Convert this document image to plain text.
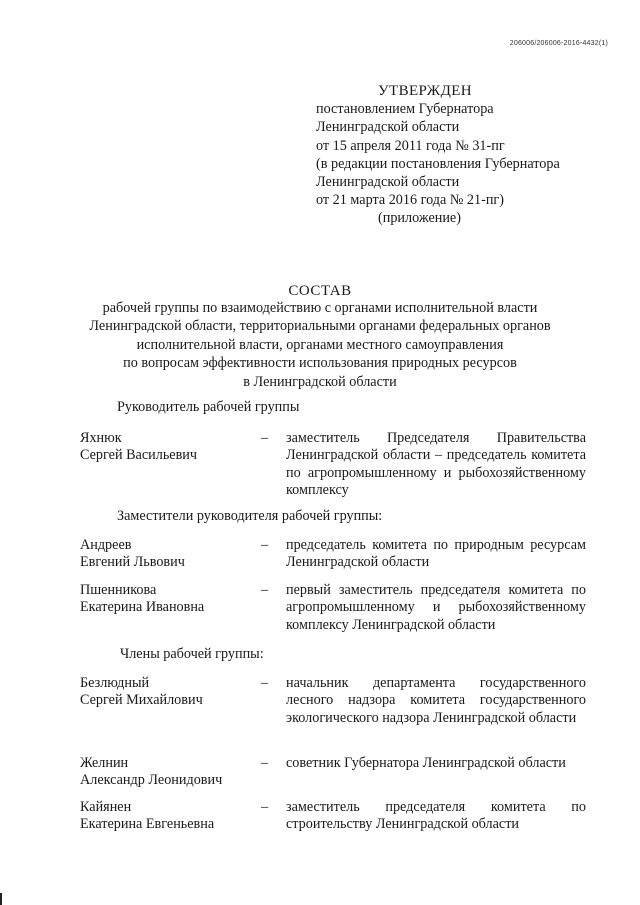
206006/206006-2016-4432(1)
УТВЕРЖДЕН
постановлением Губернатора
Ленинградской области
от 15 апреля 2011 года № 31-пг
(в редакции постановления Губернатора
Ленинградской области
от 21 марта 2016 года № 21-пг)
(приложение)
СОСТАВ
рабочей группы по взаимодействию с органами исполнительной власти
Ленинградской области, территориальными органами федеральных органов
исполнительной власти, органами местного самоуправления
по вопросам эффективности использования природных ресурсов
в Ленинградской области
Руководитель рабочей группы
Яхнюк
Сергей Васильевич
– заместитель Председателя Правительства Ленинградской области – председатель комитета по агропромышленному и рыбохозяйственному комплексу
Заместители руководителя рабочей группы:
Андреев
Евгений Львович
– председатель комитета по природным ресурсам Ленинградской области
Пшенникова
Екатерина Ивановна
– первый заместитель председателя комитета по агропромышленному и рыбохозяйственному комплексу Ленинградской области
Члены рабочей группы:
Безлюдный
Сергей Михайлович
– начальник департамента государственного лесного надзора комитета государственного экологического надзора Ленинградской области
Желнин
Александр Леонидович
– советник Губернатора Ленинградской области
Кайянен
Екатерина Евгеньевна
– заместитель председателя комитета по строительству Ленинградской области
